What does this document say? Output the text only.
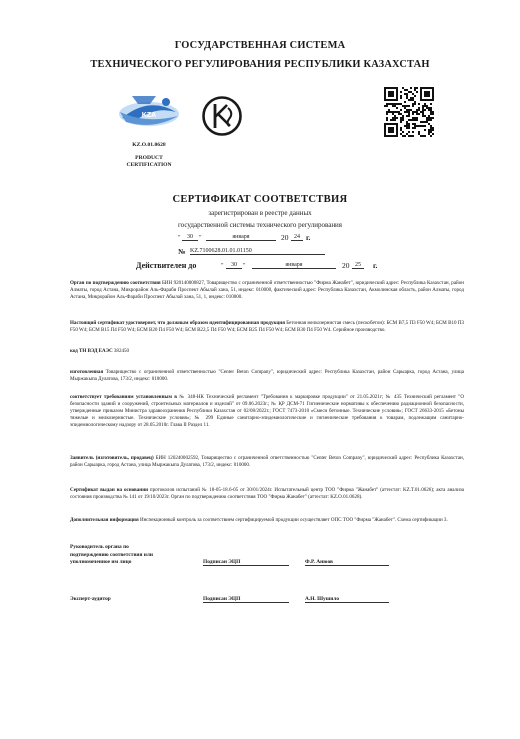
ГОСУДАРСТВЕННАЯ СИСТЕМА
ТЕХНИЧЕСКОГО РЕГУЛИРОВАНИЯ РЕСПУБЛИКИ КАЗАХСТАН
KZA
KZ.O.01.0628
PRODUCT
CERTIFICATION
СЕРТИФИКАТ СООТВЕТСТВИЯ
зарегистрирован в реестре данных
государственной системы технического регулирования
"	30 "	января	20 24 г.
№ KZ.7100628.01.01.01150
Действителен до	"	30 "	января	20 25	г.
Орган по подтверждению соответствия БИН 920140000827, Товарищество с ограниченной ответственностью "Фирма Жанабет", юридический адрес: Республика Казахстан, район Алматы, город Астана, Микрорайон Аль-Фараби Проспект Абылай хана, 51, индекс: 010000, фактический адрес: Республика Казахстан, Акмолинская область, район Алматы, город Астана, Микрорайон Аль-Фараби Проспект Абылай хана, 51, 1, индекс: 010000.
Настоящий сертификат удостоверяет, что должным образом идентифицированная продукция Бетонная мелкозернистая смесь (пескобетон): БСМ В7,5 П3 F50 W4; БСМ В10 П3 F50 W4; БСМ В15 П4 F50 W4; БСМ В20 П4 F50 W4; БСМ В22,5 П4 F50 W4; БСМ В25 П4 F50 W4; БСМ В30 П4 F50 W4. Серийное производство.
код ТН ВЭД ЕАЭС 382450
изготовленная Товарищество с ограниченной ответственностью "Center Beton Company", юридический адрес: Республика Казахстан, район Сарыарка, город Астана, улица Мыржакыпа Дулатова, 173/2, индекс: 010000.
соответствует требованиям установленным в № 348-НК Технический регламент "Требования к маркировке продукции" от 21.05.2021г; № 435 Технический регламент "О безопасности зданий и сооружений, строительных материалов и изделий" от 09.06.2023г.; № ҚР ДСМ-71 Гигиенические нормативы к обеспечению радиационной безопасности, утвержденные приказом Министра здравоохранения Республики Казахстан от 02/08/2022г.; ГОСТ 7473-2010 «Смеси бетонные. Технические условия»; ГОСТ 26633-2015 «Бетоны тяжелые и мелкозернистые. Технические условия»; № 299 Единые санитарно-эпидемиологические и гигиенические требования к товарам, подлежащим санитарно-эпидемиологическому надзору от 28.05.2010г. Глава II Раздел 11.
Заявитель (изготовитель, продавец) БИН 120240002592, Товарищество с ограниченной ответственностью "Center Beton Company", юридический адрес: Республика Казахстан, район Сарыарка, город Астана, улица Мыржакыпа Дулатова, 173/2, индекс: 010000.
Сертификат выдан на основании протоколов испытаний № 18-05-18.6-05 от 30/01/2024г. Испытательный центр ТОО "Фирма "Жанабет" (аттестат: KZ.T.01.0626); акта анализа состояния производства № 141 от 19/10/2023г. Орган по подтверждению соответствия ТОО "Фирма Жанабет" (аттестат: KZ.O.01.0628).
Дополнительная информация Инспекционный контроль за соответствием сертифицируемой продукции осуществляет ОПС ТОО "Фирма "Жанабет". Схема сертификации 3.
Руководитель органа по
подтверждению соответствия или
уполномоченное им лицо	Подписан ЭЦП	Ф.Р. Анюов
Эксперт-аудитор	Подписан ЭЦП	А.Н. Шушило
